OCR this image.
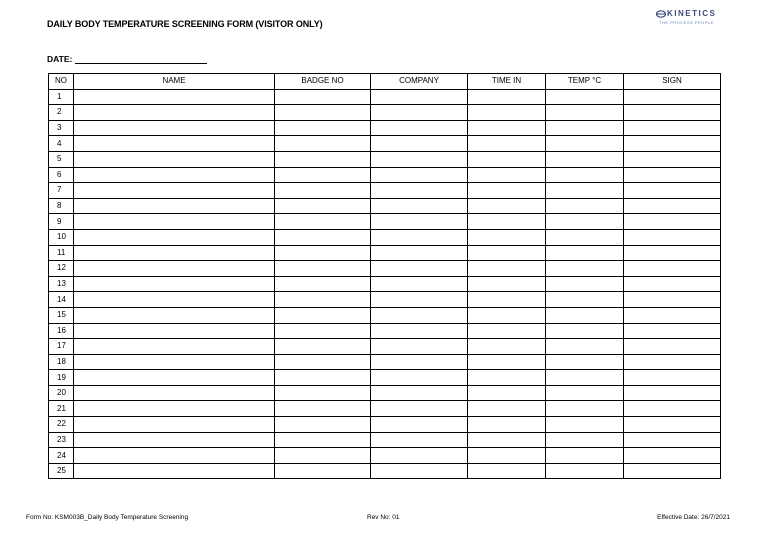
DAILY BODY TEMPERATURE SCREENING FORM (VISITOR ONLY)
KINETICS
THE PROCESS PEOPLE
DATE:
NO	NAME	BADGE NO	COMPANY	TIME IN	TEMP °C	SIGN
1						
2						
3						
4						
5						
6						
7						
8						
9						
10						
11						
12						
13						
14						
15						
16						
17						
18						
19						
20						
21						
22						
23						
24						
25						
Form No: KSM003B_Daily Body Temperature Screening	Rev No: 01	Effective Date: 26/7/2021
